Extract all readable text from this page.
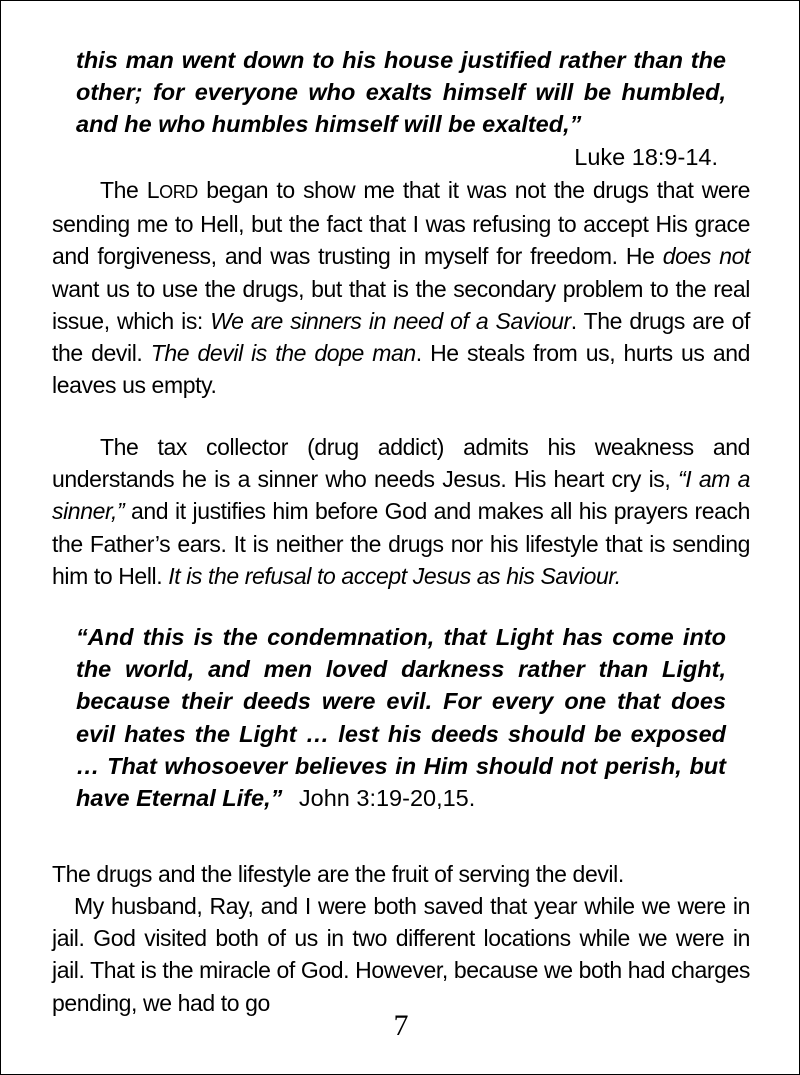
this man went down to his house justified rather than the other; for everyone who exalts himself will be humbled, and he who humbles himself will be exalted,”
Luke 18:9-14.

The LORD began to show me that it was not the drugs that were sending me to Hell, but the fact that I was refusing to accept His grace and forgiveness, and was trusting in myself for freedom. He does not want us to use the drugs, but that is the secondary problem to the real issue, which is: We are sinners in need of a Saviour. The drugs are of the devil. The devil is the dope man. He steals from us, hurts us and leaves us empty.

The tax collector (drug addict) admits his weakness and understands he is a sinner who needs Jesus. His heart cry is, “I am a sinner,” and it justifies him before God and makes all his prayers reach the Father’s ears. It is neither the drugs nor his lifestyle that is sending him to Hell. It is the refusal to accept Jesus as his Saviour.

“And this is the condemnation, that Light has come into the world, and men loved darkness rather than Light, because their deeds were evil. For every one that does evil hates the Light … lest his deeds should be exposed … That whosoever believes in Him should not perish, but have Eternal Life,” John 3:19-20,15.

The drugs and the lifestyle are the fruit of serving the devil.

My husband, Ray, and I were both saved that year while we were in jail. God visited both of us in two different locations while we were in jail. That is the miracle of God. However, because we both had charges pending, we had to go

7
